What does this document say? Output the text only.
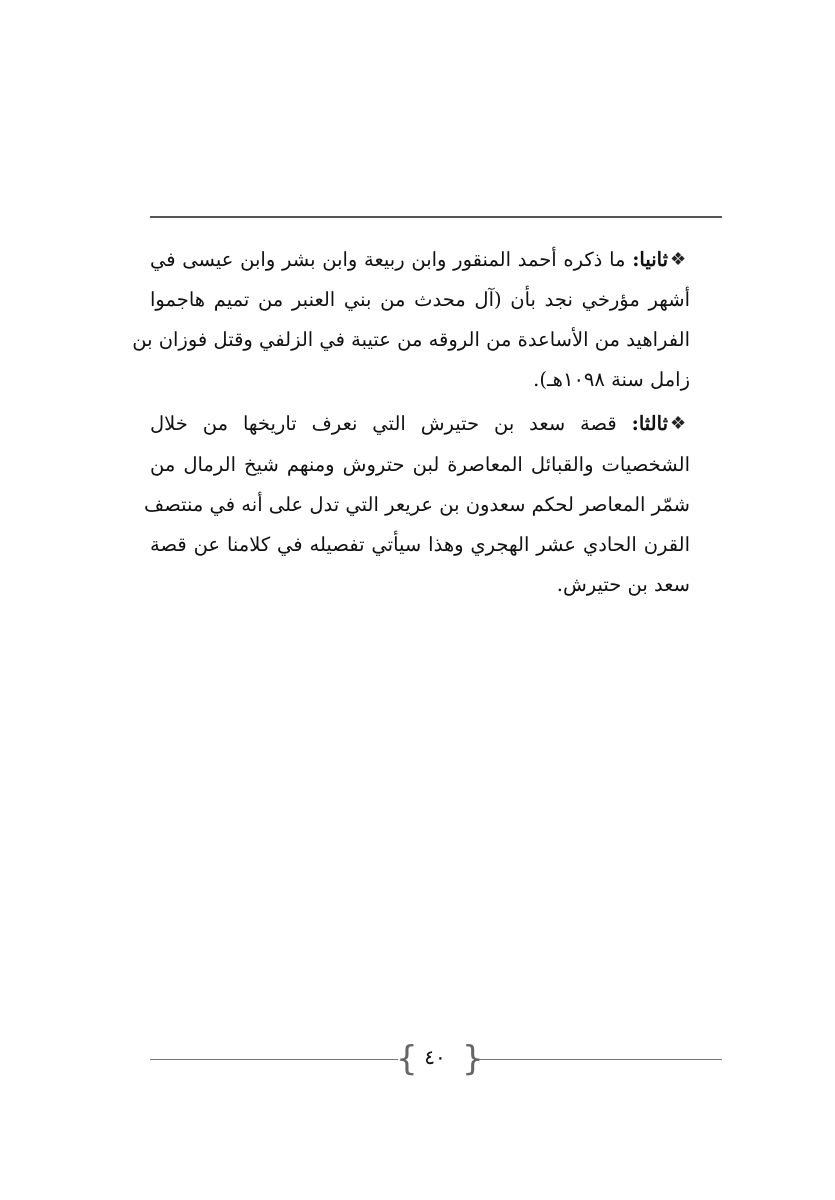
❖
ثانيا: ما ذكره أحمد المنقور وابن ربيعة وابن بشر وابن عيسى في
أشهر مؤرخي نجد بأن (آل محدث من بني العنبر من تميم هاجموا
الفراهيد من الأساعدة من الروقه من عتيبة في الزلفي وقتل فوزان بن
زامل سنة ١٠٩٨هـ).
❖
ثالثا: قصة سعد بن حتيرش التي نعرف تاريخها من خلال
الشخصيات والقبائل المعاصرة لبن حتروش ومنهم شيخ الرمال من
شمّر المعاصر لحكم سعدون بن عريعر التي تدل على أنه في منتصف
القرن الحادي عشر الهجري وهذا سيأتي تفصيله في كلامنا عن قصة
سعد بن حتيرش.
{ }
٤٠
